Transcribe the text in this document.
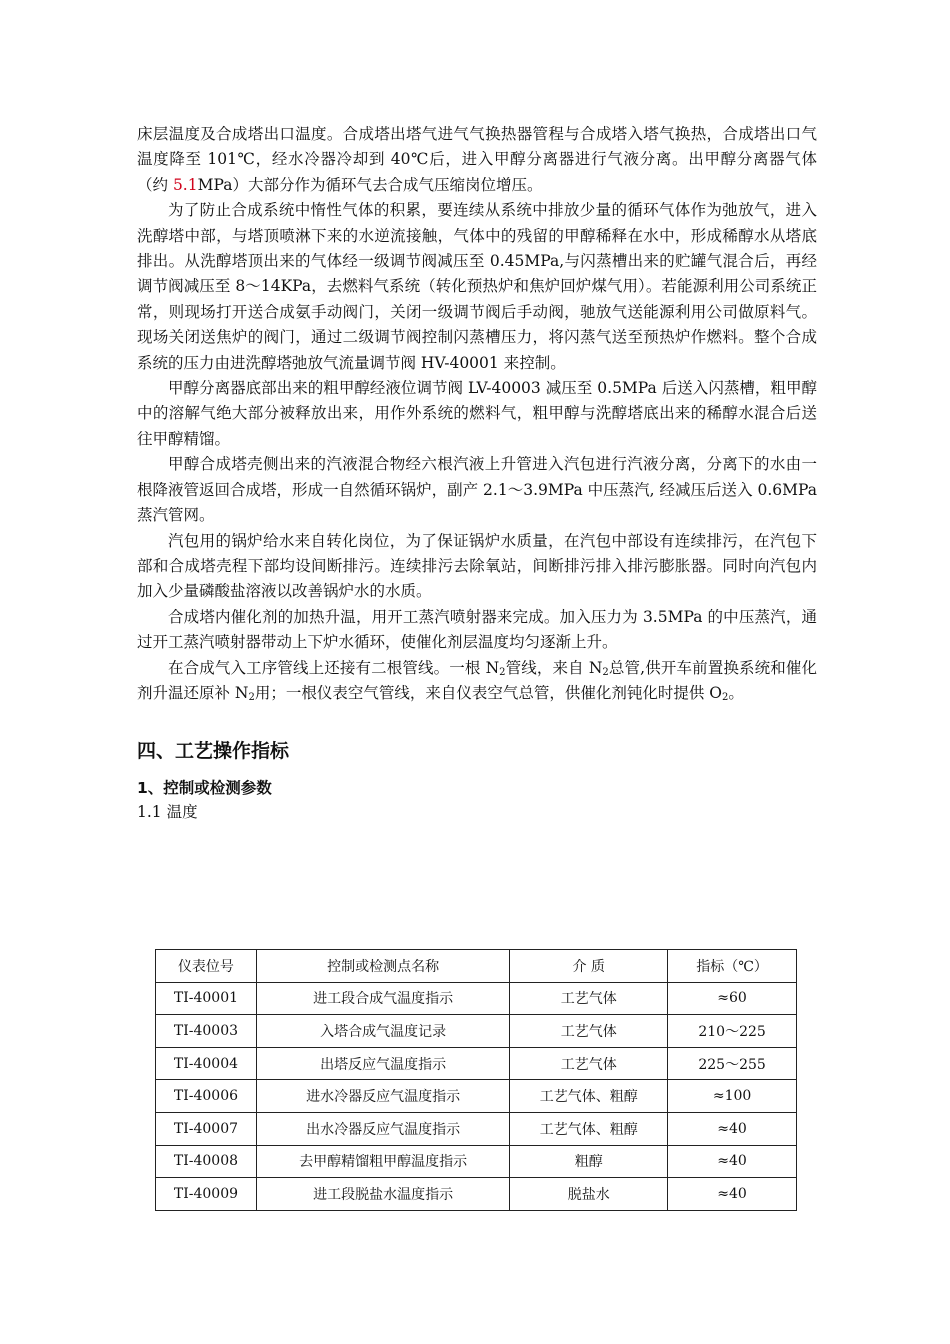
床层温度及合成塔出口温度。合成塔出塔气进气气换热器管程与合成塔入塔气换热，合成塔出口气温度降至 101℃，经水冷器冷却到 40℃后，进入甲醇分离器进行气液分离。出甲醇分离器气体（约 5.1MPa）大部分作为循环气去合成气压缩岗位增压。

为了防止合成系统中惰性气体的积累，要连续从系统中排放少量的循环气体作为弛放气，进入洗醇塔中部，与塔顶喷淋下来的水逆流接触，气体中的残留的甲醇稀释在水中，形成稀醇水从塔底排出。从洗醇塔顶出来的气体经一级调节阀减压至 0.45MPa,与闪蒸槽出来的贮罐气混合后，再经调节阀减压至 8～14KPa，去燃料气系统（转化预热炉和焦炉回炉煤气用）。若能源利用公司系统正常，则现场打开送合成氨手动阀门，关闭一级调节阀后手动阀，驰放气送能源利用公司做原料气。现场关闭送焦炉的阀门，通过二级调节阀控制闪蒸槽压力，将闪蒸气送至预热炉作燃料。整个合成系统的压力由进洗醇塔弛放气流量调节阀 HV-40001 来控制。

甲醇分离器底部出来的粗甲醇经液位调节阀 LV-40003 减压至 0.5MPa 后送入闪蒸槽，粗甲醇中的溶解气绝大部分被释放出来，用作外系统的燃料气，粗甲醇与洗醇塔底出来的稀醇水混合后送往甲醇精馏。

甲醇合成塔壳侧出来的汽液混合物经六根汽液上升管进入汽包进行汽液分离，分离下的水由一根降液管返回合成塔，形成一自然循环锅炉，副产 2.1～3.9MPa 中压蒸汽, 经减压后送入 0.6MPa 蒸汽管网。

汽包用的锅炉给水来自转化岗位，为了保证锅炉水质量，在汽包中部设有连续排污，在汽包下部和合成塔壳程下部均设间断排污。连续排污去除氧站，间断排污排入排污膨胀器。同时向汽包内加入少量磷酸盐溶液以改善锅炉水的水质。

合成塔内催化剂的加热升温，用开工蒸汽喷射器来完成。加入压力为 3.5MPa 的中压蒸汽，通过开工蒸汽喷射器带动上下炉水循环，使催化剂层温度均匀逐渐上升。

在合成气入工序管线上还接有二根管线。一根 $N_2$管线，来自 $N_2$总管,供开车前置换系统和催化剂升温还原补 $N_2$用；一根仪表空气管线，来自仪表空气总管，供催化剂钝化时提供 $O_2$。

四、工艺操作指标
1、控制或检测参数

1.1 温度

仪表位号	控制或检测点名称	介 质	指标（℃）
TI-40001	进工段合成气温度指示	工艺气体	≈60
TI-40003	入塔合成气温度记录	工艺气体	210～225
TI-40004	出塔反应气温度指示	工艺气体	225～255
TI-40006	进水冷器反应气温度指示	工艺气体、粗醇	≈100
TI-40007	出水冷器反应气温度指示	工艺气体、粗醇	≈40
TI-40008	去甲醇精馏粗甲醇温度指示	粗醇	≈40
TI-40009	进工段脱盐水温度指示	脱盐水	≈40
